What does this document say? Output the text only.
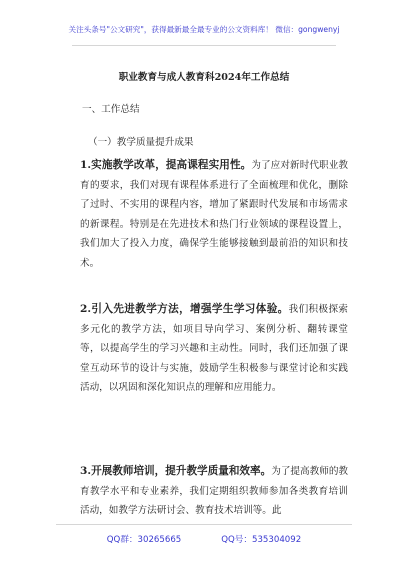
关注头条号"公文研究"，获得最新最全最专业的公文资料库！ 微信：gongwenyj
职业教育与成人教育科2024年工作总结
一、工作总结
（一）教学质量提升成果

1.实施教学改革，提高课程实用性。为了应对新时代职业教育的要求，我们对现有课程体系进行了全面梳理和优化，删除了过时、不实用的课程内容，增加了紧跟时代发展和市场需求的新课程。特别是在先进技术和热门行业领域的课程设置上，我们加大了投入力度，确保学生能够接触到最前沿的知识和技术。

2.引入先进教学方法，增强学生学习体验。我们积极探索多元化的教学方法，如项目导向学习、案例分析、翻转课堂等，以提高学生的学习兴趣和主动性。同时，我们还加强了课堂互动环节的设计与实施，鼓励学生积极参与课堂讨论和实践活动，以巩固和深化知识点的理解和应用能力。

3.开展教师培训，提升教学质量和效率。为了提高教师的教育教学水平和专业素养，我们定期组织教师参加各类教育培训活动，如教学方法研讨会、教育技术培训等。此

QQ群：30265665	QQ号：535304092
